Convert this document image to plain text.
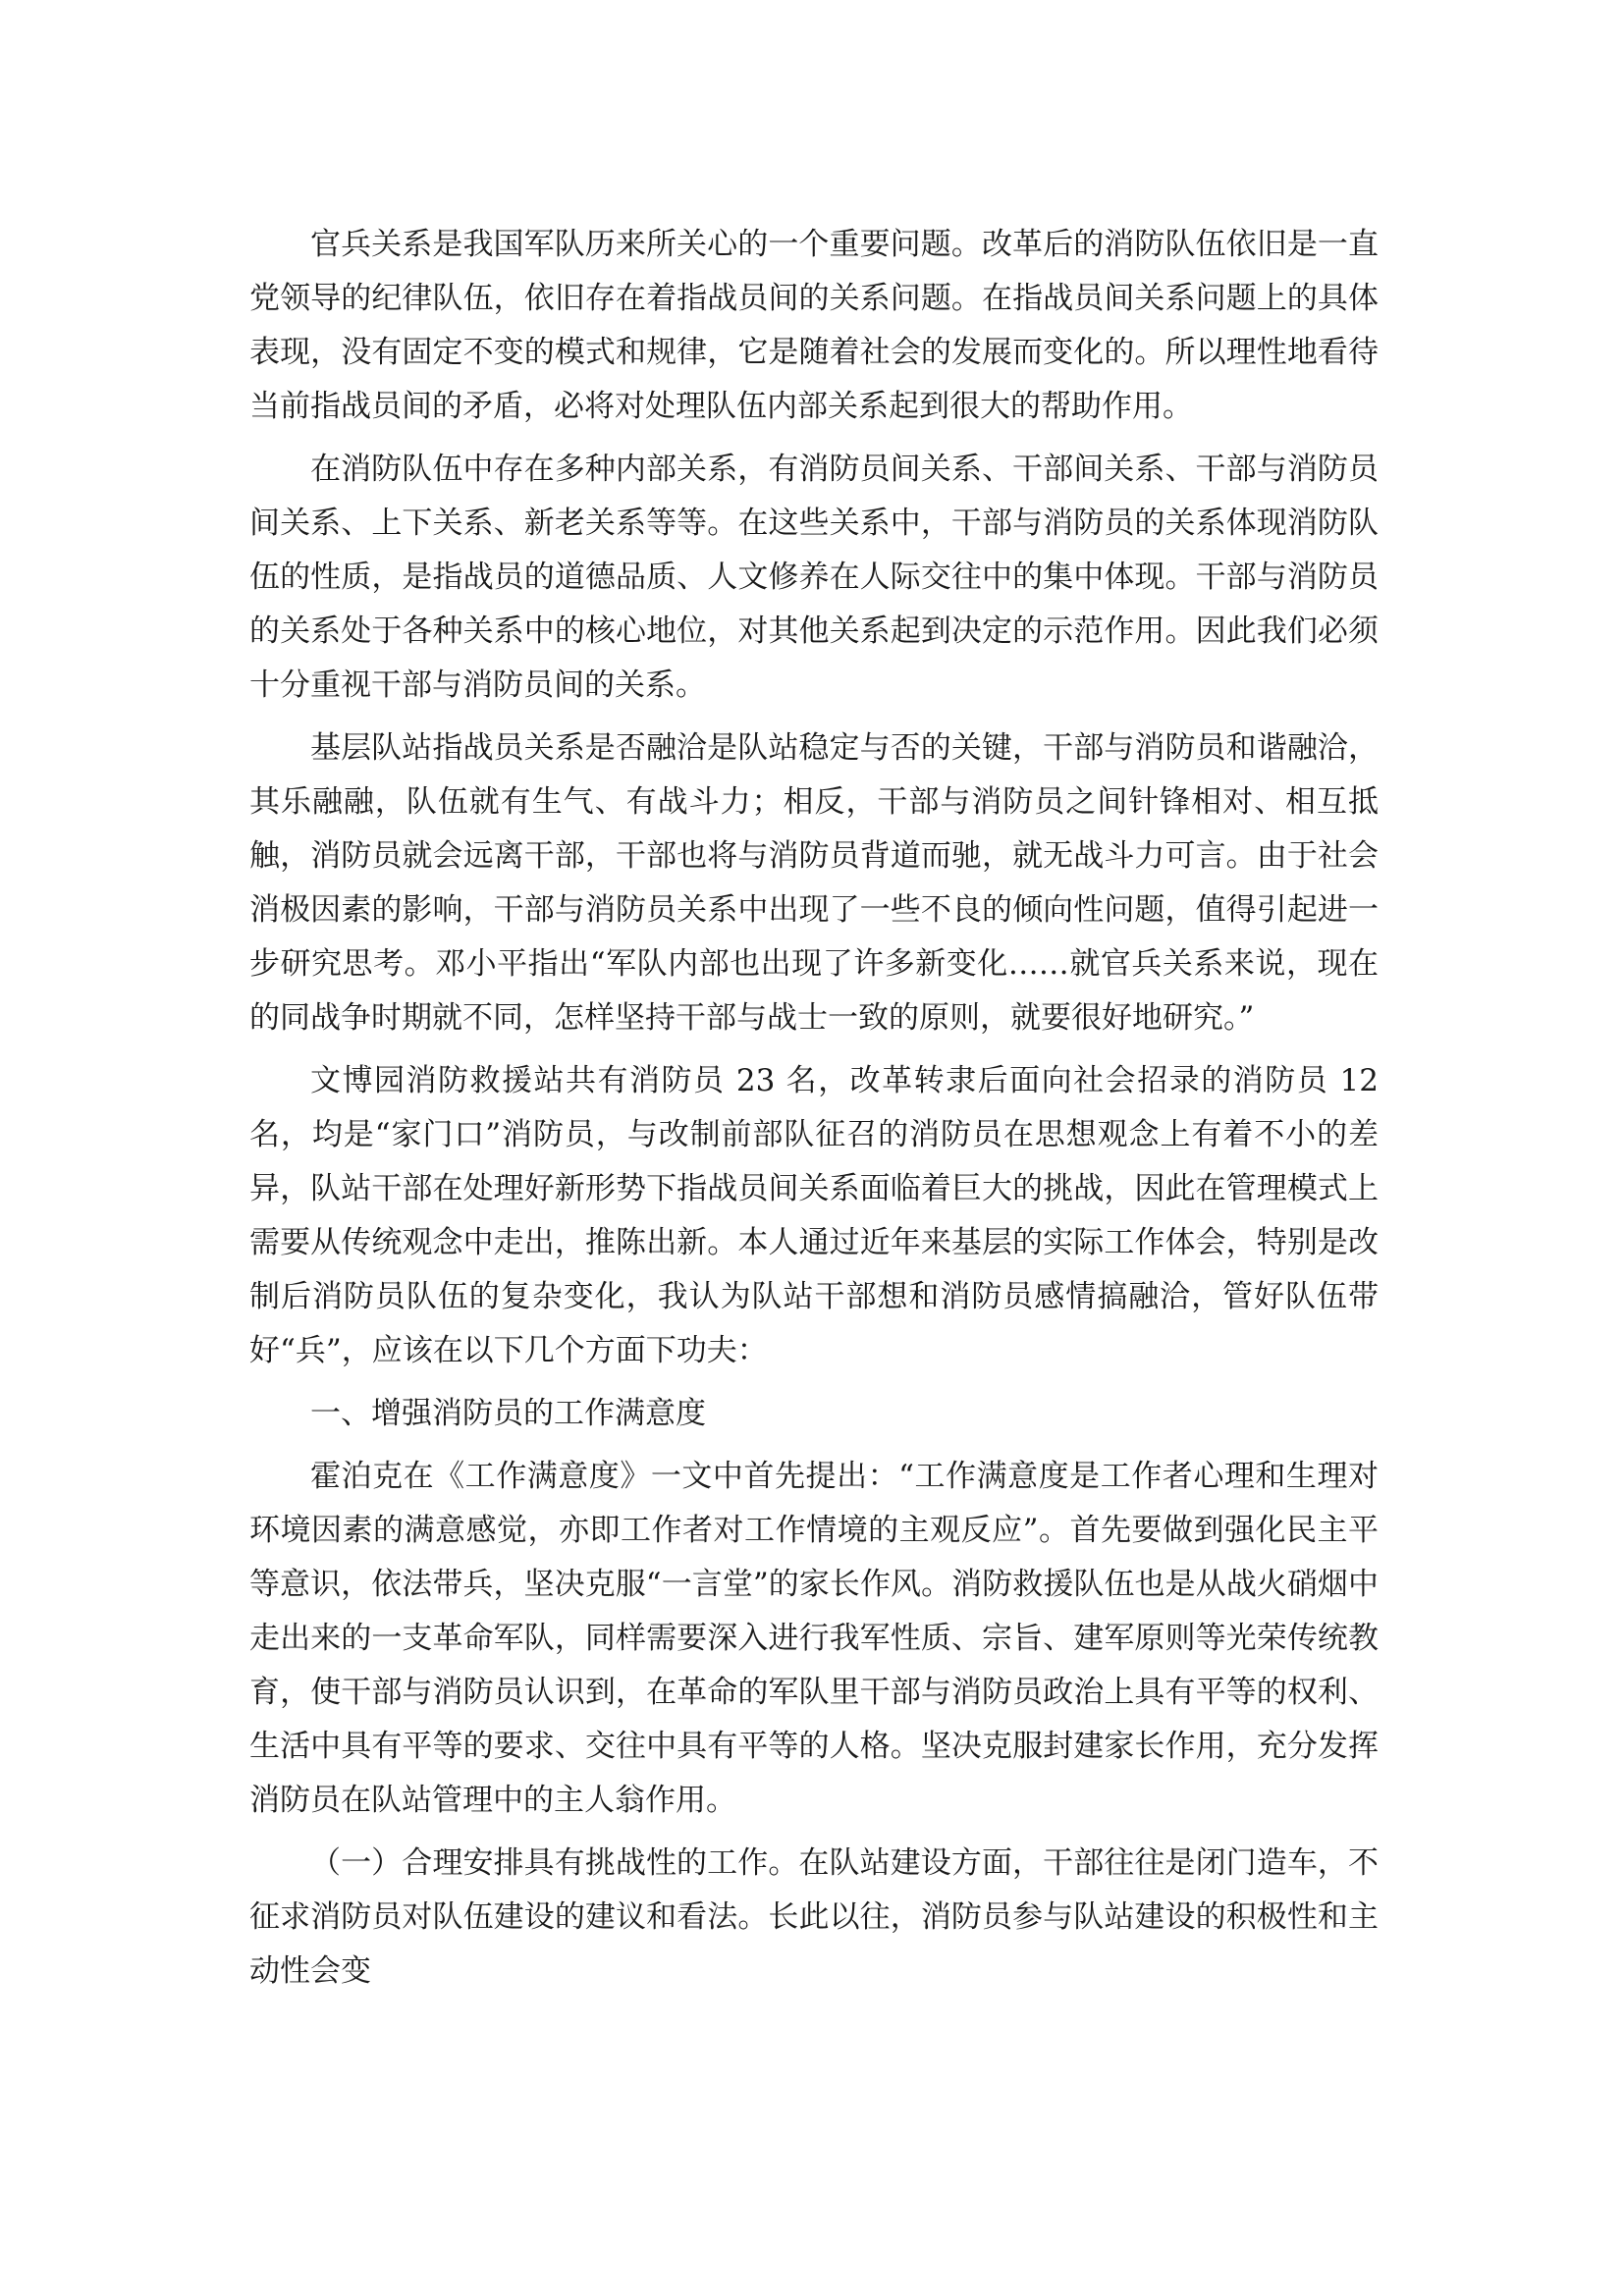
官兵关系是我国军队历来所关心的一个重要问题。改革后的消防队伍依旧是一直党领导的纪律队伍，依旧存在着指战员间的关系问题。在指战员间关系问题上的具体表现，没有固定不变的模式和规律，它是随着社会的发展而变化的。所以理性地看待当前指战员间的矛盾，必将对处理队伍内部关系起到很大的帮助作用。

在消防队伍中存在多种内部关系，有消防员间关系、干部间关系、干部与消防员间关系、上下关系、新老关系等等。在这些关系中，干部与消防员的关系体现消防队伍的性质，是指战员的道德品质、人文修养在人际交往中的集中体现。干部与消防员的关系处于各种关系中的核心地位，对其他关系起到决定的示范作用。因此我们必须十分重视干部与消防员间的关系。

基层队站指战员关系是否融洽是队站稳定与否的关键，干部与消防员和谐融洽，其乐融融，队伍就有生气、有战斗力；相反，干部与消防员之间针锋相对、相互抵触，消防员就会远离干部，干部也将与消防员背道而驰，就无战斗力可言。由于社会消极因素的影响，干部与消防员关系中出现了一些不良的倾向性问题，值得引起进一步研究思考。邓小平指出“军队内部也出现了许多新变化……就官兵关系来说，现在的同战争时期就不同，怎样坚持干部与战士一致的原则，就要很好地研究。”

文博园消防救援站共有消防员 23 名，改革转隶后面向社会招录的消防员 12 名，均是“家门口”消防员，与改制前部队征召的消防员在思想观念上有着不小的差异，队站干部在处理好新形势下指战员间关系面临着巨大的挑战，因此在管理模式上需要从传统观念中走出，推陈出新。本人通过近年来基层的实际工作体会，特别是改制后消防员队伍的复杂变化，我认为队站干部想和消防员感情搞融洽，管好队伍带好“兵”，应该在以下几个方面下功夫：

一、增强消防员的工作满意度

霍泊克在《工作满意度》一文中首先提出：“工作满意度是工作者心理和生理对环境因素的满意感觉，亦即工作者对工作情境的主观反应”。首先要做到强化民主平等意识，依法带兵，坚决克服“一言堂”的家长作风。消防救援队伍也是从战火硝烟中走出来的一支革命军队，同样需要深入进行我军性质、宗旨、建军原则等光荣传统教育，使干部与消防员认识到，在革命的军队里干部与消防员政治上具有平等的权利、生活中具有平等的要求、交往中具有平等的人格。坚决克服封建家长作用，充分发挥消防员在队站管理中的主人翁作用。

（一）合理安排具有挑战性的工作。在队站建设方面，干部往往是闭门造车，不征求消防员对队伍建设的建议和看法。长此以往，消防员参与队站建设的积极性和主动性会变
